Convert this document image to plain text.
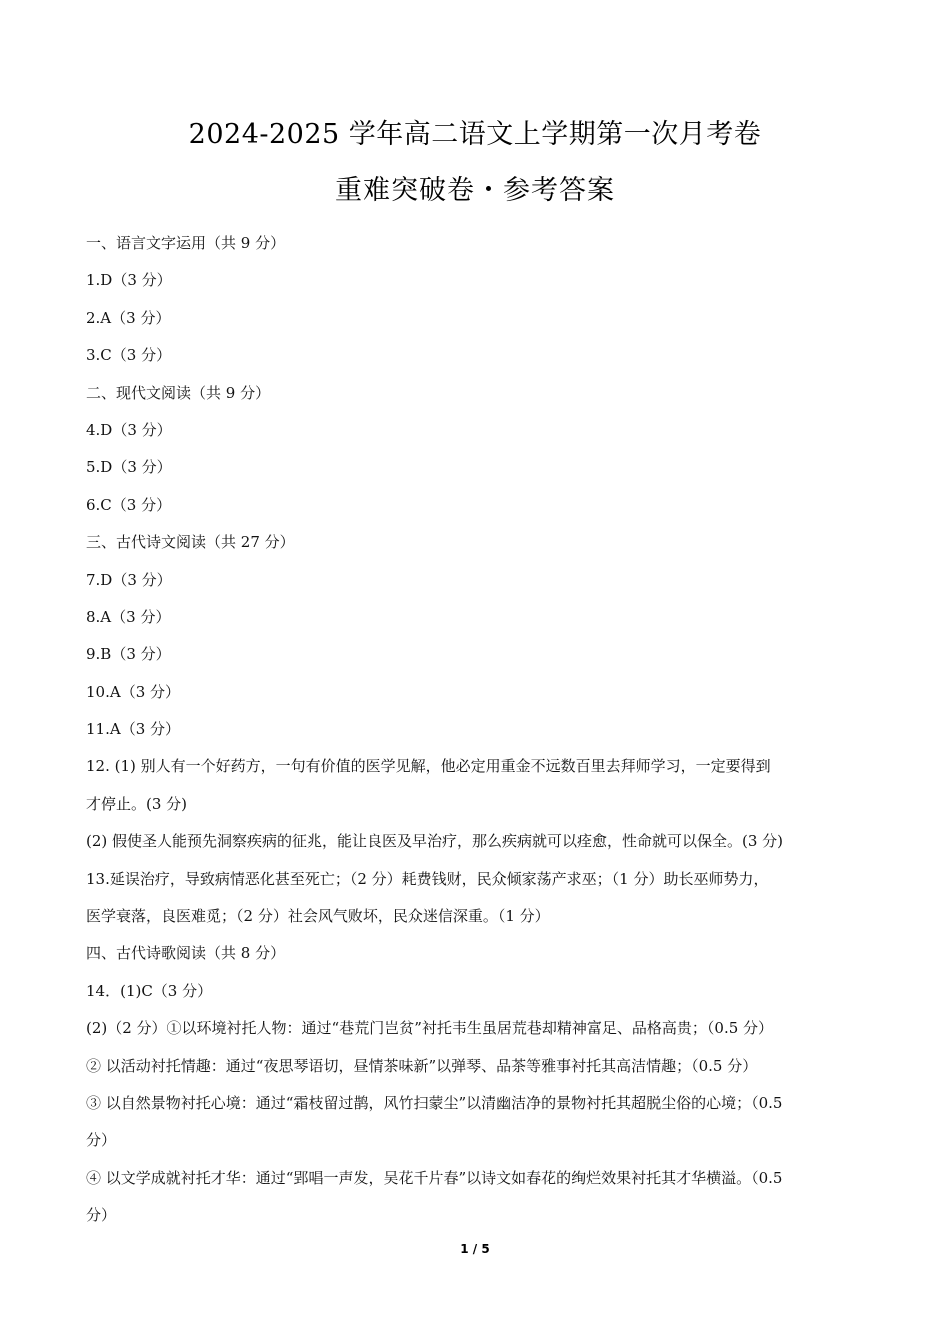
2024-2025 学年高二语文上学期第一次月考卷
重难突破卷・参考答案
一、语言文字运用（共 9 分）
1.D（3 分）
2.A（3 分）
3.C（3 分）
二、现代文阅读（共 9 分）
4.D（3 分）
5.D（3 分）
6.C（3 分）
三、古代诗文阅读（共 27 分）
7.D（3 分）
8.A（3 分）
9.B（3 分）
10.A（3 分）
11.A（3 分）
12. (1) 别人有一个好药方，一句有价值的医学见解，他必定用重金不远数百里去拜师学习，一定要得到
才停止。(3 分)
(2) 假使圣人能预先洞察疾病的征兆，能让良医及早治疗，那么疾病就可以痊愈，性命就可以保全。(3 分)
13.延误治疗，导致病情恶化甚至死亡；（2 分）耗费钱财，民众倾家荡产求巫；（1 分）助长巫师势力，
医学衰落，良医难觅；（2 分）社会风气败坏，民众迷信深重。（1 分）
四、古代诗歌阅读（共 8 分）
14．(1)C（3 分）
(2)（2 分）①以环境衬托人物：通过“巷荒门岂贫”衬托韦生虽居荒巷却精神富足、品格高贵；（0.5 分）
② 以活动衬托情趣：通过“夜思琴语切，昼情茶味新”以弹琴、品茶等雅事衬托其高洁情趣；（0.5 分）
③ 以自然景物衬托心境：通过“霜枝留过鹊，风竹扫蒙尘”以清幽洁净的景物衬托其超脱尘俗的心境；（0.5
分）
④ 以文学成就衬托才华：通过“郢唱一声发，吴花千片春”以诗文如春花的绚烂效果衬托其才华横溢。（0.5
分）
1 / 5
